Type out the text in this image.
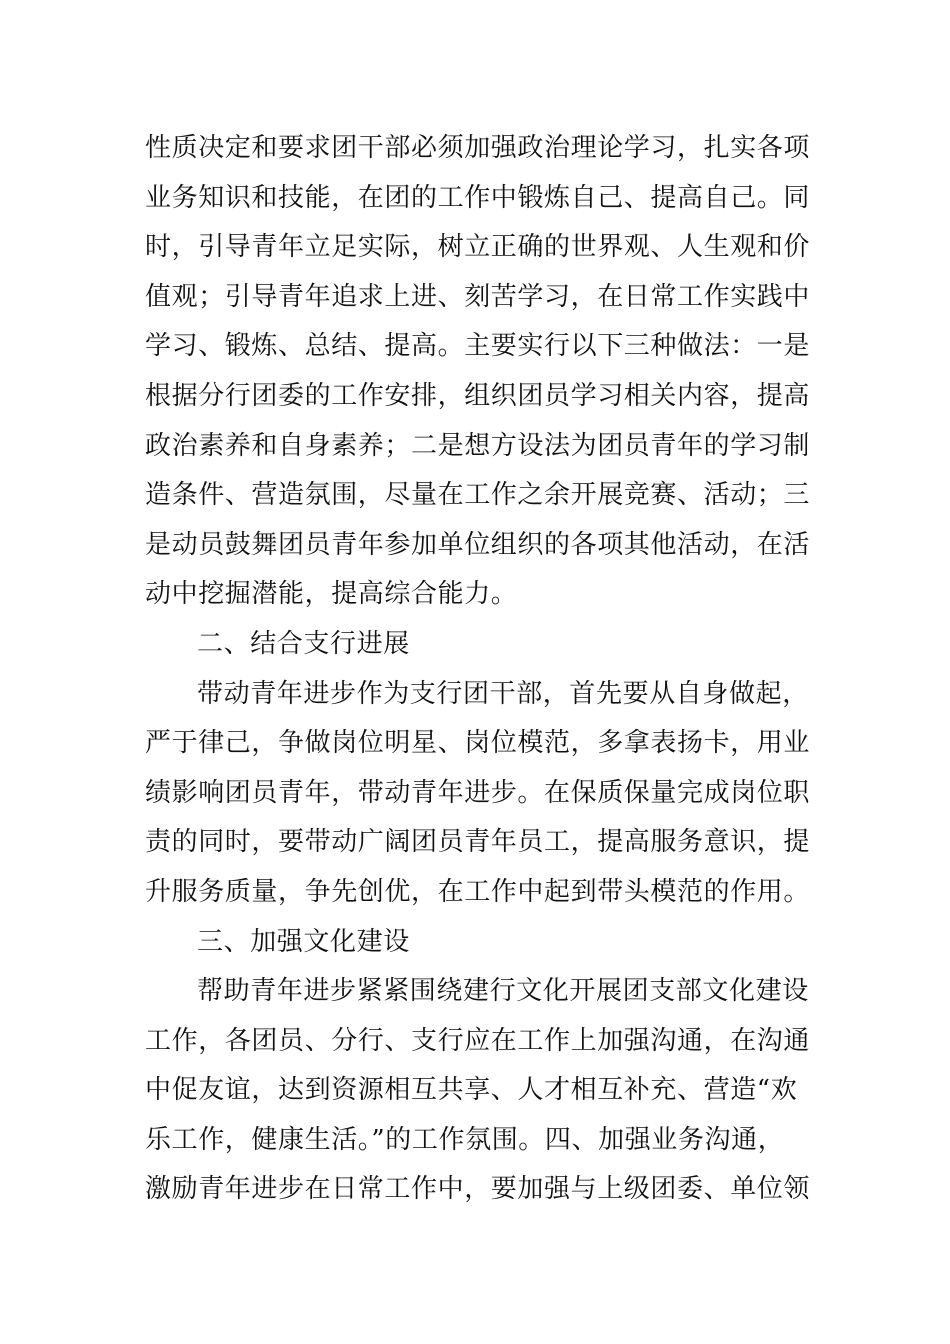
性质决定和要求团干部必须加强政治理论学习，扎实各项
业务知识和技能，在团的工作中锻炼自己、提高自己。同
时，引导青年立足实际，树立正确的世界观、人生观和价
值观；引导青年追求上进、刻苦学习，在日常工作实践中
学习、锻炼、总结、提高。主要实行以下三种做法：一是
根据分行团委的工作安排，组织团员学习相关内容，提高
政治素养和自身素养；二是想方设法为团员青年的学习制
造条件、营造氛围，尽量在工作之余开展竞赛、活动；三
是动员鼓舞团员青年参加单位组织的各项其他活动，在活
动中挖掘潜能，提高综合能力。
二、结合支行进展
带动青年进步作为支行团干部，首先要从自身做起，
严于律己，争做岗位明星、岗位模范，多拿表扬卡，用业
绩影响团员青年，带动青年进步。在保质保量完成岗位职
责的同时，要带动广阔团员青年员工，提高服务意识，提
升服务质量，争先创优，在工作中起到带头模范的作用。
三、加强文化建设
帮助青年进步紧紧围绕建行文化开展团支部文化建设
工作，各团员、分行、支行应在工作上加强沟通，在沟通
中促友谊，达到资源相互共享、人才相互补充、营造“欢
乐工作，健康生活。”的工作氛围。四、加强业务沟通，
激励青年进步在日常工作中，要加强与上级团委、单位领
